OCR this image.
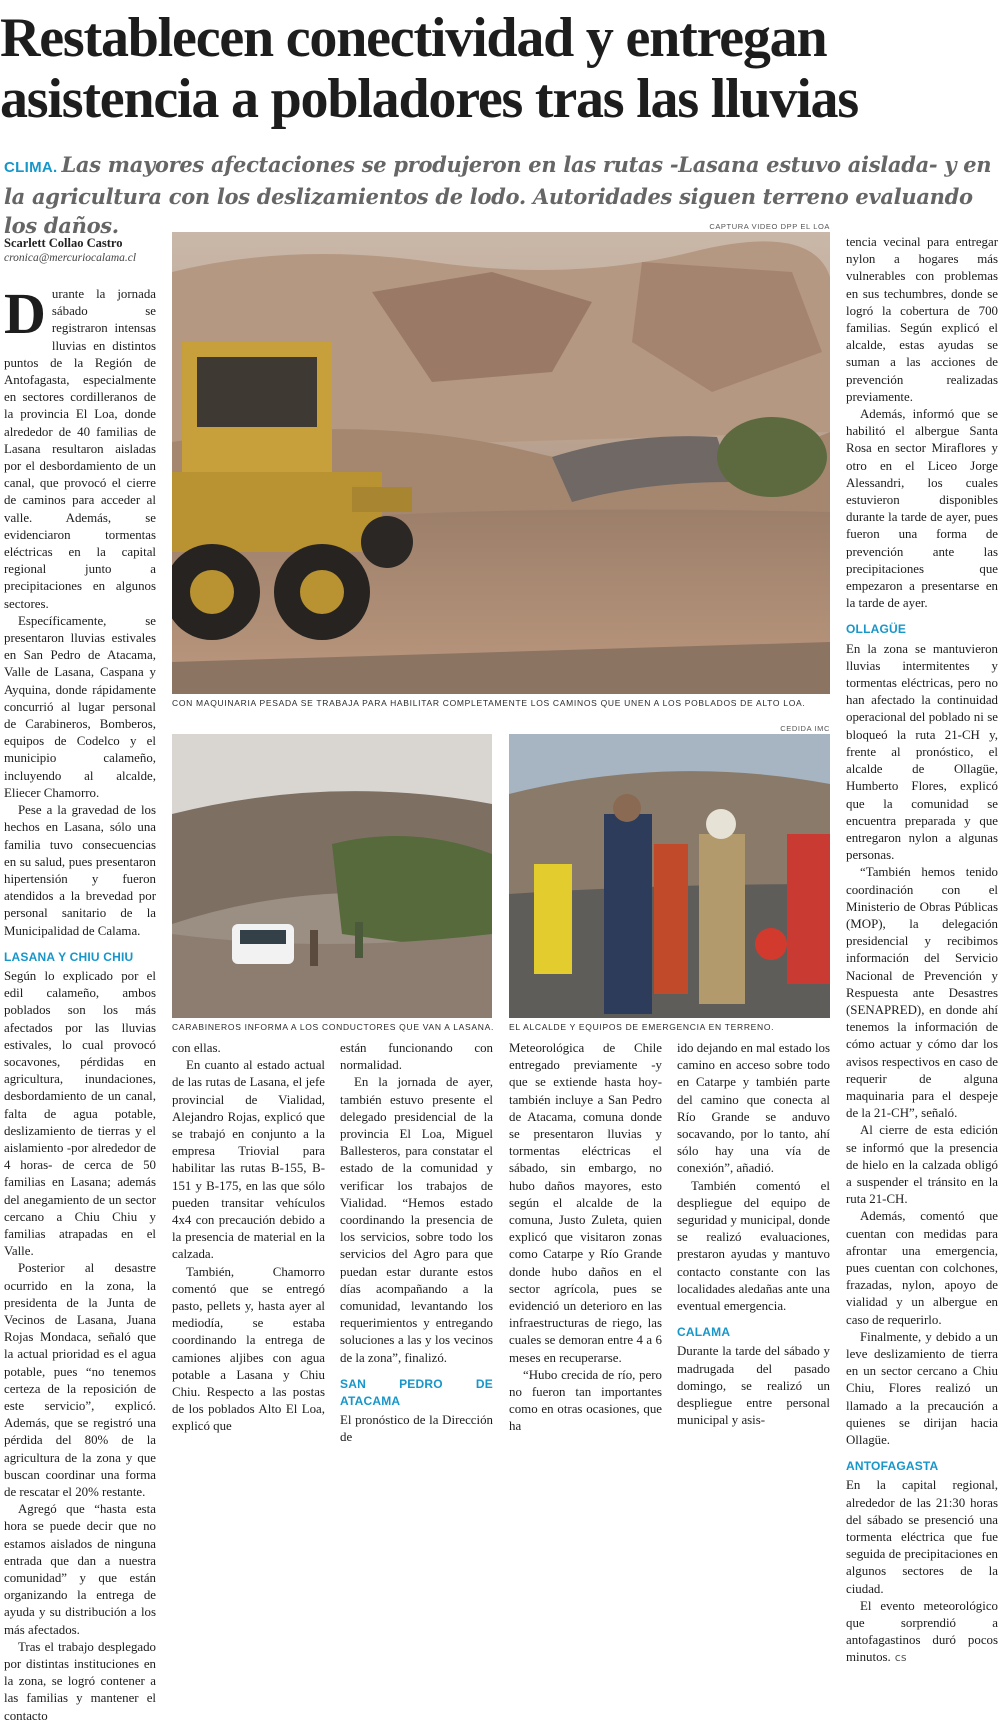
Restablecen conectividad y entregan asistencia a pobladores tras las lluvias

CLIMA. Las mayores afectaciones se produjeron en las rutas -Lasana estuvo aislada- y en la agricultura con los deslizamientos de lodo. Autoridades siguen terreno evaluando los daños.

Scarlett Collao Castro
cronica@mercuriocalama.cl
CAPTURA VIDEO DPP EL LOA
CON MAQUINARIA PESADA SE TRABAJA PARA HABILITAR COMPLETAMENTE LOS CAMINOS QUE UNEN A LOS POBLADOS DE ALTO LOA.
CARABINEROS INFORMA A LOS CONDUCTORES QUE VAN A LASANA.
CEDIDA IMC
EL ALCALDE Y EQUIPOS DE EMERGENCIA EN TERRENO.
D urante la jornada sábado se registraron intensas lluvias en distintos puntos de la Región de Antofagasta, especialmente en sectores cordilleranos de la provincia El Loa, donde alrededor de 40 familias de Lasana resultaron aisladas por el desbordamiento de un canal, que provocó el cierre de caminos para acceder al valle. Además, se evidenciaron tormentas eléctricas en la capital regional junto a precipitaciones en algunos sectores.

Específicamente, se presentaron lluvias estivales en San Pedro de Atacama, Valle de Lasana, Caspana y Ayquina, donde rápidamente concurrió al lugar personal de Carabineros, Bomberos, equipos de Codelco y el municipio calameño, incluyendo al alcalde, Eliecer Chamorro.

Pese a la gravedad de los hechos en Lasana, sólo una familia tuvo consecuencias en su salud, pues presentaron hipertensión y fueron atendidos a la brevedad por personal sanitario de la Municipalidad de Calama.

LASANA Y CHIU CHIU

Según lo explicado por el edil calameño, ambos poblados son los más afectados por las lluvias estivales, lo cual provocó socavones, pérdidas en agricultura, inundaciones, desbordamiento de un canal, falta de agua potable, deslizamiento de tierras y el aislamiento -por alrededor de 4 horas- de cerca de 50 familias en Lasana; además del anegamiento de un sector cercano a Chiu Chiu y familias atrapadas en el Valle.

Posterior al desastre ocurrido en la zona, la presidenta de la Junta de Vecinos de Lasana, Juana Rojas Mondaca, señaló que la actual prioridad es el agua potable, pues “no tenemos certeza de la reposición de este servicio”, explicó. Además, que se registró una pérdida del 80% de la agricultura de la zona y que buscan coordinar una forma de rescatar el 20% restante.

Agregó que “hasta esta hora se puede decir que no estamos aislados de ninguna entrada que dan a nuestra comunidad” y que están organizando la entrega de ayuda y su distribución a los más afectados.

Tras el trabajo desplegado por distintas instituciones en la zona, se logró contener a las familias y mantener el contacto

con ellas.

En cuanto al estado actual de las rutas de Lasana, el jefe provincial de Vialidad, Alejandro Rojas, explicó que se trabajó en conjunto a la empresa Triovial para habilitar las rutas B-155, B-151 y B-175, en las que sólo pueden transitar vehículos 4x4 con precaución debido a la presencia de material en la calzada.

También, Chamorro comentó que se entregó pasto, pellets y, hasta ayer al mediodía, se estaba coordinando la entrega de camiones aljibes con agua potable a Lasana y Chiu Chiu. Respecto a las postas de los poblados Alto El Loa, explicó que

están funcionando con normalidad.

En la jornada de ayer, también estuvo presente el delegado presidencial de la provincia El Loa, Miguel Ballesteros, para constatar el estado de la comunidad y verificar los trabajos de Vialidad. “Hemos estado coordinando la presencia de los servicios, sobre todo los servicios del Agro para que puedan estar durante estos días acompañando a la comunidad, levantando los requerimientos y entregando soluciones a las y los vecinos de la zona”, finalizó.

SAN PEDRO DE ATACAMA

El pronóstico de la Dirección de

Meteorológica de Chile entregado previamente -y que se extiende hasta hoy- también incluye a San Pedro de Atacama, comuna donde se presentaron lluvias y tormentas eléctricas el sábado, sin embargo, no hubo daños mayores, esto según el alcalde de la comuna, Justo Zuleta, quien explicó que visitaron zonas como Catarpe y Río Grande donde hubo daños en el sector agrícola, pues se evidenció un deterioro en las infraestructuras de riego, las cuales se demoran entre 4 a 6 meses en recuperarse.

“Hubo crecida de río, pero no fueron tan importantes como en otras ocasiones, que ha

ido dejando en mal estado los camino en acceso sobre todo en Catarpe y también parte del camino que conecta al Río Grande se anduvo socavando, por lo tanto, ahí sólo hay una vía de conexión”, añadió.

También comentó el despliegue del equipo de seguridad y municipal, donde se realizó evaluaciones, prestaron ayudas y mantuvo contacto constante con las localidades aledañas ante una eventual emergencia.

CALAMA

Durante la tarde del sábado y madrugada del pasado domingo, se realizó un despliegue entre personal municipal y asis-

tencia vecinal para entregar nylon a hogares más vulnerables con problemas en sus techumbres, donde se logró la cobertura de 700 familias. Según explicó el alcalde, estas ayudas se suman a las acciones de prevención realizadas previamente.

Además, informó que se habilitó el albergue Santa Rosa en sector Miraflores y otro en el Liceo Jorge Alessandri, los cuales estuvieron disponibles durante la tarde de ayer, pues fueron una forma de prevención ante las precipitaciones que empezaron a presentarse en la tarde de ayer.

OLLAGÜE

En la zona se mantuvieron lluvias intermitentes y tormentas eléctricas, pero no han afectado la continuidad operacional del poblado ni se bloqueó la ruta 21-CH y, frente al pronóstico, el alcalde de Ollagüe, Humberto Flores, explicó que la comunidad se encuentra preparada y que entregaron nylon a algunas personas.

“También hemos tenido coordinación con el Ministerio de Obras Públicas (MOP), la delegación presidencial y recibimos información del Servicio Nacional de Prevención y Respuesta ante Desastres (SENAPRED), en donde ahí tenemos la información de cómo actuar y cómo dar los avisos respectivos en caso de requerir de alguna maquinaria para el despeje de la 21-CH”, señaló.

Al cierre de esta edición se informó que la presencia de hielo en la calzada obligó a suspender el tránsito en la ruta 21-CH.

Además, comentó que cuentan con medidas para afrontar una emergencia, pues cuentan con colchones, frazadas, nylon, apoyo de vialidad y un albergue en caso de requerirlo.

Finalmente, y debido a un leve deslizamiento de tierra en un sector cercano a Chiu Chiu, Flores realizó un llamado a la precaución a quienes se dirijan hacia Ollagüe.

ANTOFAGASTA

En la capital regional, alrededor de las 21:30 horas del sábado se presenció una tormenta eléctrica que fue seguida de precipitaciones en algunos sectores de la ciudad.

El evento meteorológico que sorprendió a antofagastinos duró pocos minutos. cs
